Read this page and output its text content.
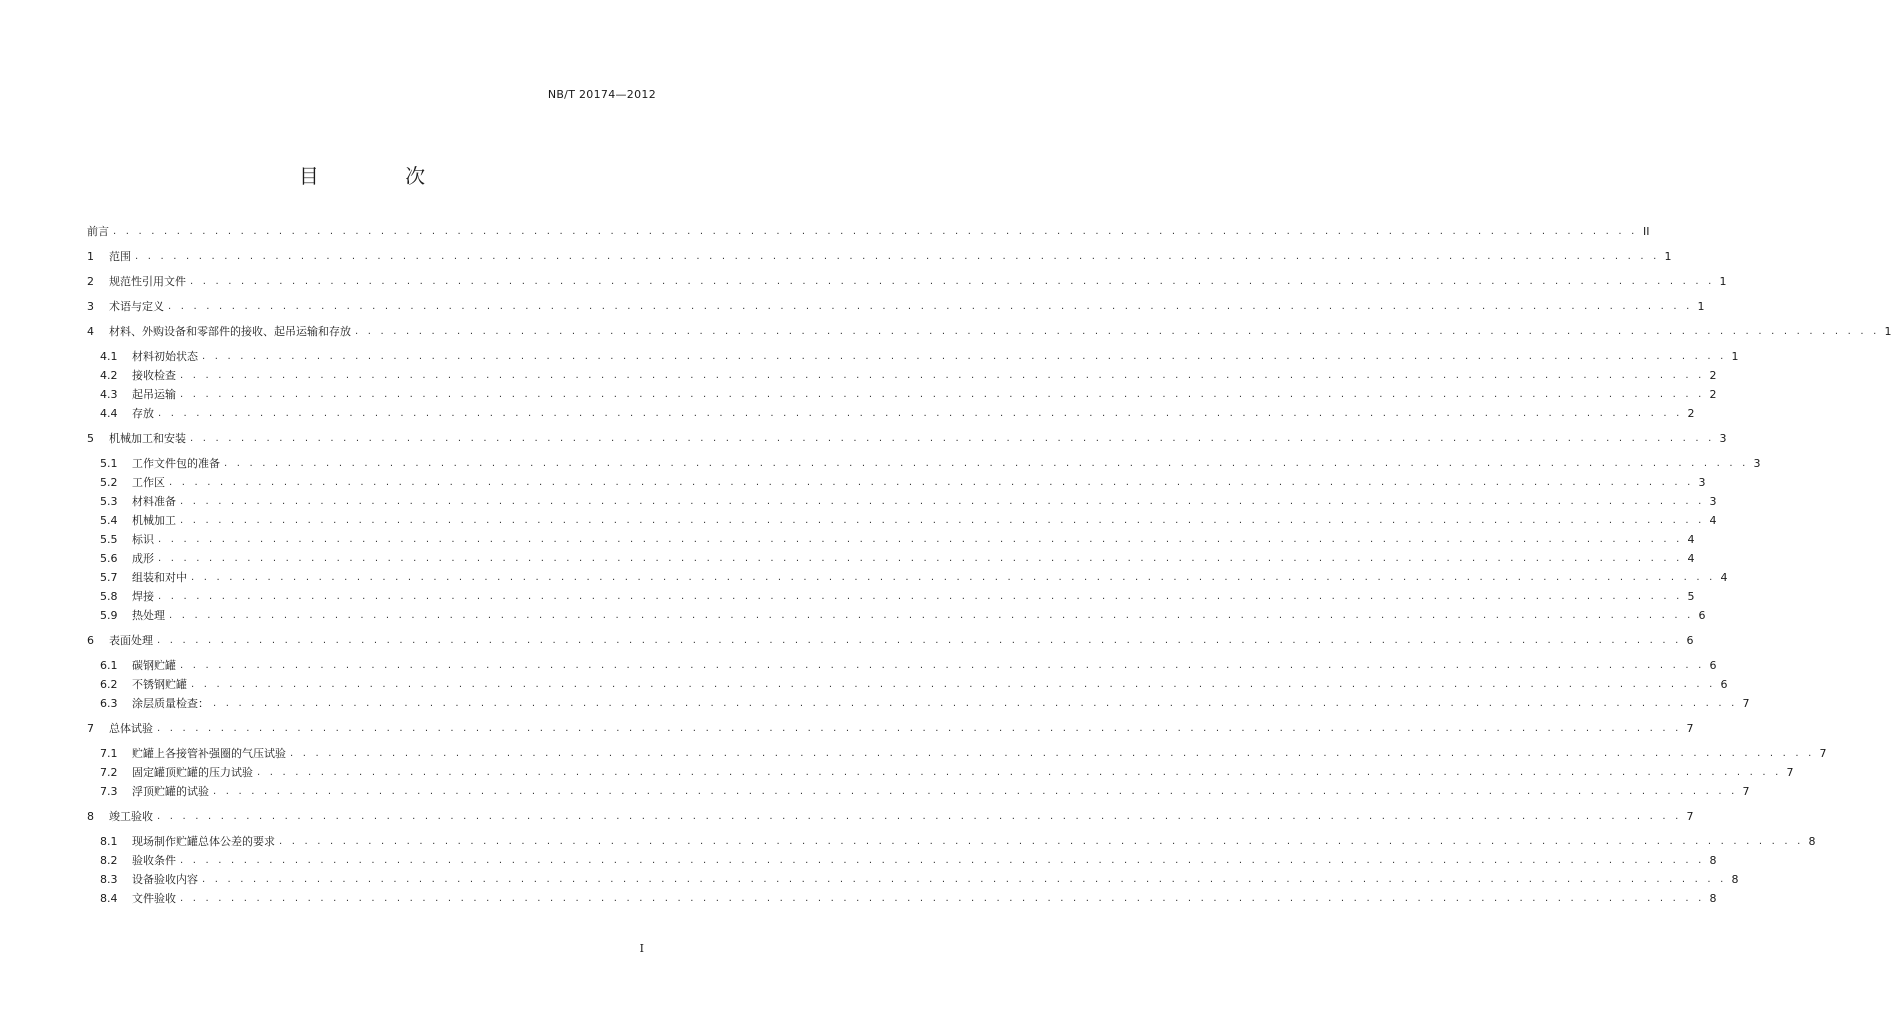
NB/T 20174—2012
目 次
前言 . . . . . . . . . . . . . . . . . . . . . . . . . . . . . . . . . . . . . . . . . . . . . . . . . . . . . . . . . . . . . . . . . . . . . . . . . . . . . . . . . . . . . . . . . . . . . . . . . . . . . . . . . . . . . . . . . . . . . . . . II
1	范围 . . . . . . . . . . . . . . . . . . . . . . . . . . . . . . . . . . . . . . . . . . . . . . . . . . . . . . . . . . . . . . . . . . . . . . . . . . . . . . . . . . . . . . . . . . . . . . . . . . . . . . . . . . . . . . . . . . . . . . . . 1
2	规范性引用文件 . . . . . . . . . . . . . . . . . . . . . . . . . . . . . . . . . . . . . . . . . . . . . . . . . . . . . . . . . . . . . . . . . . . . . . . . . . . . . . . . . . . . . . . . . . . . . . . . . . . . . . . . . . . . . . . . . . . . . . . . 1
3	术语与定义 . . . . . . . . . . . . . . . . . . . . . . . . . . . . . . . . . . . . . . . . . . . . . . . . . . . . . . . . . . . . . . . . . . . . . . . . . . . . . . . . . . . . . . . . . . . . . . . . . . . . . . . . . . . . . . . . . . . . . . . . 1
4	材料、外购设备和零部件的接收、起吊运输和存放 . . . . . . . . . . . . . . . . . . . . . . . . . . . . . . . . . . . . . . . . . . . . . . . . . . . . . . . . . . . . . . . . . . . . . . . . . . . . . . . . . . . . . . . . . . . . . . . . . . . . . . . . . . . . . . . . . . . . . . . . 1
4.1	材料初始状态 . . . . . . . . . . . . . . . . . . . . . . . . . . . . . . . . . . . . . . . . . . . . . . . . . . . . . . . . . . . . . . . . . . . . . . . . . . . . . . . . . . . . . . . . . . . . . . . . . . . . . . . . . . . . . . . . . . . . . . . . 1
4.2	接收检查 . . . . . . . . . . . . . . . . . . . . . . . . . . . . . . . . . . . . . . . . . . . . . . . . . . . . . . . . . . . . . . . . . . . . . . . . . . . . . . . . . . . . . . . . . . . . . . . . . . . . . . . . . . . . . . . . . . . . . . . . 2
4.3	起吊运输 . . . . . . . . . . . . . . . . . . . . . . . . . . . . . . . . . . . . . . . . . . . . . . . . . . . . . . . . . . . . . . . . . . . . . . . . . . . . . . . . . . . . . . . . . . . . . . . . . . . . . . . . . . . . . . . . . . . . . . . . 2
4.4	存放 . . . . . . . . . . . . . . . . . . . . . . . . . . . . . . . . . . . . . . . . . . . . . . . . . . . . . . . . . . . . . . . . . . . . . . . . . . . . . . . . . . . . . . . . . . . . . . . . . . . . . . . . . . . . . . . . . . . . . . . . 2
5	机械加工和安装 . . . . . . . . . . . . . . . . . . . . . . . . . . . . . . . . . . . . . . . . . . . . . . . . . . . . . . . . . . . . . . . . . . . . . . . . . . . . . . . . . . . . . . . . . . . . . . . . . . . . . . . . . . . . . . . . . . . . . . . . 3
5.1	工作文件包的准备 . . . . . . . . . . . . . . . . . . . . . . . . . . . . . . . . . . . . . . . . . . . . . . . . . . . . . . . . . . . . . . . . . . . . . . . . . . . . . . . . . . . . . . . . . . . . . . . . . . . . . . . . . . . . . . . . . . . . . . . . 3
5.2	工作区 . . . . . . . . . . . . . . . . . . . . . . . . . . . . . . . . . . . . . . . . . . . . . . . . . . . . . . . . . . . . . . . . . . . . . . . . . . . . . . . . . . . . . . . . . . . . . . . . . . . . . . . . . . . . . . . . . . . . . . . . 3
5.3	材料准备 . . . . . . . . . . . . . . . . . . . . . . . . . . . . . . . . . . . . . . . . . . . . . . . . . . . . . . . . . . . . . . . . . . . . . . . . . . . . . . . . . . . . . . . . . . . . . . . . . . . . . . . . . . . . . . . . . . . . . . . . 3
5.4	机械加工 . . . . . . . . . . . . . . . . . . . . . . . . . . . . . . . . . . . . . . . . . . . . . . . . . . . . . . . . . . . . . . . . . . . . . . . . . . . . . . . . . . . . . . . . . . . . . . . . . . . . . . . . . . . . . . . . . . . . . . . . 4
5.5	标识 . . . . . . . . . . . . . . . . . . . . . . . . . . . . . . . . . . . . . . . . . . . . . . . . . . . . . . . . . . . . . . . . . . . . . . . . . . . . . . . . . . . . . . . . . . . . . . . . . . . . . . . . . . . . . . . . . . . . . . . . 4
5.6	成形 . . . . . . . . . . . . . . . . . . . . . . . . . . . . . . . . . . . . . . . . . . . . . . . . . . . . . . . . . . . . . . . . . . . . . . . . . . . . . . . . . . . . . . . . . . . . . . . . . . . . . . . . . . . . . . . . . . . . . . . . 4
5.7	组装和对中 . . . . . . . . . . . . . . . . . . . . . . . . . . . . . . . . . . . . . . . . . . . . . . . . . . . . . . . . . . . . . . . . . . . . . . . . . . . . . . . . . . . . . . . . . . . . . . . . . . . . . . . . . . . . . . . . . . . . . . . . 4
5.8	焊接 . . . . . . . . . . . . . . . . . . . . . . . . . . . . . . . . . . . . . . . . . . . . . . . . . . . . . . . . . . . . . . . . . . . . . . . . . . . . . . . . . . . . . . . . . . . . . . . . . . . . . . . . . . . . . . . . . . . . . . . . 5
5.9	热处理 . . . . . . . . . . . . . . . . . . . . . . . . . . . . . . . . . . . . . . . . . . . . . . . . . . . . . . . . . . . . . . . . . . . . . . . . . . . . . . . . . . . . . . . . . . . . . . . . . . . . . . . . . . . . . . . . . . . . . . . . 6
6	表面处理 . . . . . . . . . . . . . . . . . . . . . . . . . . . . . . . . . . . . . . . . . . . . . . . . . . . . . . . . . . . . . . . . . . . . . . . . . . . . . . . . . . . . . . . . . . . . . . . . . . . . . . . . . . . . . . . . . . . . . . . . 6
6.1	碳钢贮罐 . . . . . . . . . . . . . . . . . . . . . . . . . . . . . . . . . . . . . . . . . . . . . . . . . . . . . . . . . . . . . . . . . . . . . . . . . . . . . . . . . . . . . . . . . . . . . . . . . . . . . . . . . . . . . . . . . . . . . . . . 6
6.2	不锈钢贮罐 . . . . . . . . . . . . . . . . . . . . . . . . . . . . . . . . . . . . . . . . . . . . . . . . . . . . . . . . . . . . . . . . . . . . . . . . . . . . . . . . . . . . . . . . . . . . . . . . . . . . . . . . . . . . . . . . . . . . . . . . 6
6.3	涂层质量检查： . . . . . . . . . . . . . . . . . . . . . . . . . . . . . . . . . . . . . . . . . . . . . . . . . . . . . . . . . . . . . . . . . . . . . . . . . . . . . . . . . . . . . . . . . . . . . . . . . . . . . . . . . . . . . . . . . . . . . . . . 7
7	总体试验 . . . . . . . . . . . . . . . . . . . . . . . . . . . . . . . . . . . . . . . . . . . . . . . . . . . . . . . . . . . . . . . . . . . . . . . . . . . . . . . . . . . . . . . . . . . . . . . . . . . . . . . . . . . . . . . . . . . . . . . . 7
7.1	贮罐上各接管补强圈的气压试验 . . . . . . . . . . . . . . . . . . . . . . . . . . . . . . . . . . . . . . . . . . . . . . . . . . . . . . . . . . . . . . . . . . . . . . . . . . . . . . . . . . . . . . . . . . . . . . . . . . . . . . . . . . . . . . . . . . . . . . . . 7
7.2	固定罐顶贮罐的压力试验 . . . . . . . . . . . . . . . . . . . . . . . . . . . . . . . . . . . . . . . . . . . . . . . . . . . . . . . . . . . . . . . . . . . . . . . . . . . . . . . . . . . . . . . . . . . . . . . . . . . . . . . . . . . . . . . . . . . . . . . . 7
7.3	浮顶贮罐的试验 . . . . . . . . . . . . . . . . . . . . . . . . . . . . . . . . . . . . . . . . . . . . . . . . . . . . . . . . . . . . . . . . . . . . . . . . . . . . . . . . . . . . . . . . . . . . . . . . . . . . . . . . . . . . . . . . . . . . . . . . 7
8	竣工验收 . . . . . . . . . . . . . . . . . . . . . . . . . . . . . . . . . . . . . . . . . . . . . . . . . . . . . . . . . . . . . . . . . . . . . . . . . . . . . . . . . . . . . . . . . . . . . . . . . . . . . . . . . . . . . . . . . . . . . . . . 7
8.1	现场制作贮罐总体公差的要求 . . . . . . . . . . . . . . . . . . . . . . . . . . . . . . . . . . . . . . . . . . . . . . . . . . . . . . . . . . . . . . . . . . . . . . . . . . . . . . . . . . . . . . . . . . . . . . . . . . . . . . . . . . . . . . . . . . . . . . . . 8
8.2	验收条件 . . . . . . . . . . . . . . . . . . . . . . . . . . . . . . . . . . . . . . . . . . . . . . . . . . . . . . . . . . . . . . . . . . . . . . . . . . . . . . . . . . . . . . . . . . . . . . . . . . . . . . . . . . . . . . . . . . . . . . . . 8
8.3	设备验收内容 . . . . . . . . . . . . . . . . . . . . . . . . . . . . . . . . . . . . . . . . . . . . . . . . . . . . . . . . . . . . . . . . . . . . . . . . . . . . . . . . . . . . . . . . . . . . . . . . . . . . . . . . . . . . . . . . . . . . . . . . 8
8.4	文件验收 . . . . . . . . . . . . . . . . . . . . . . . . . . . . . . . . . . . . . . . . . . . . . . . . . . . . . . . . . . . . . . . . . . . . . . . . . . . . . . . . . . . . . . . . . . . . . . . . . . . . . . . . . . . . . . . . . . . . . . . . 8
I
